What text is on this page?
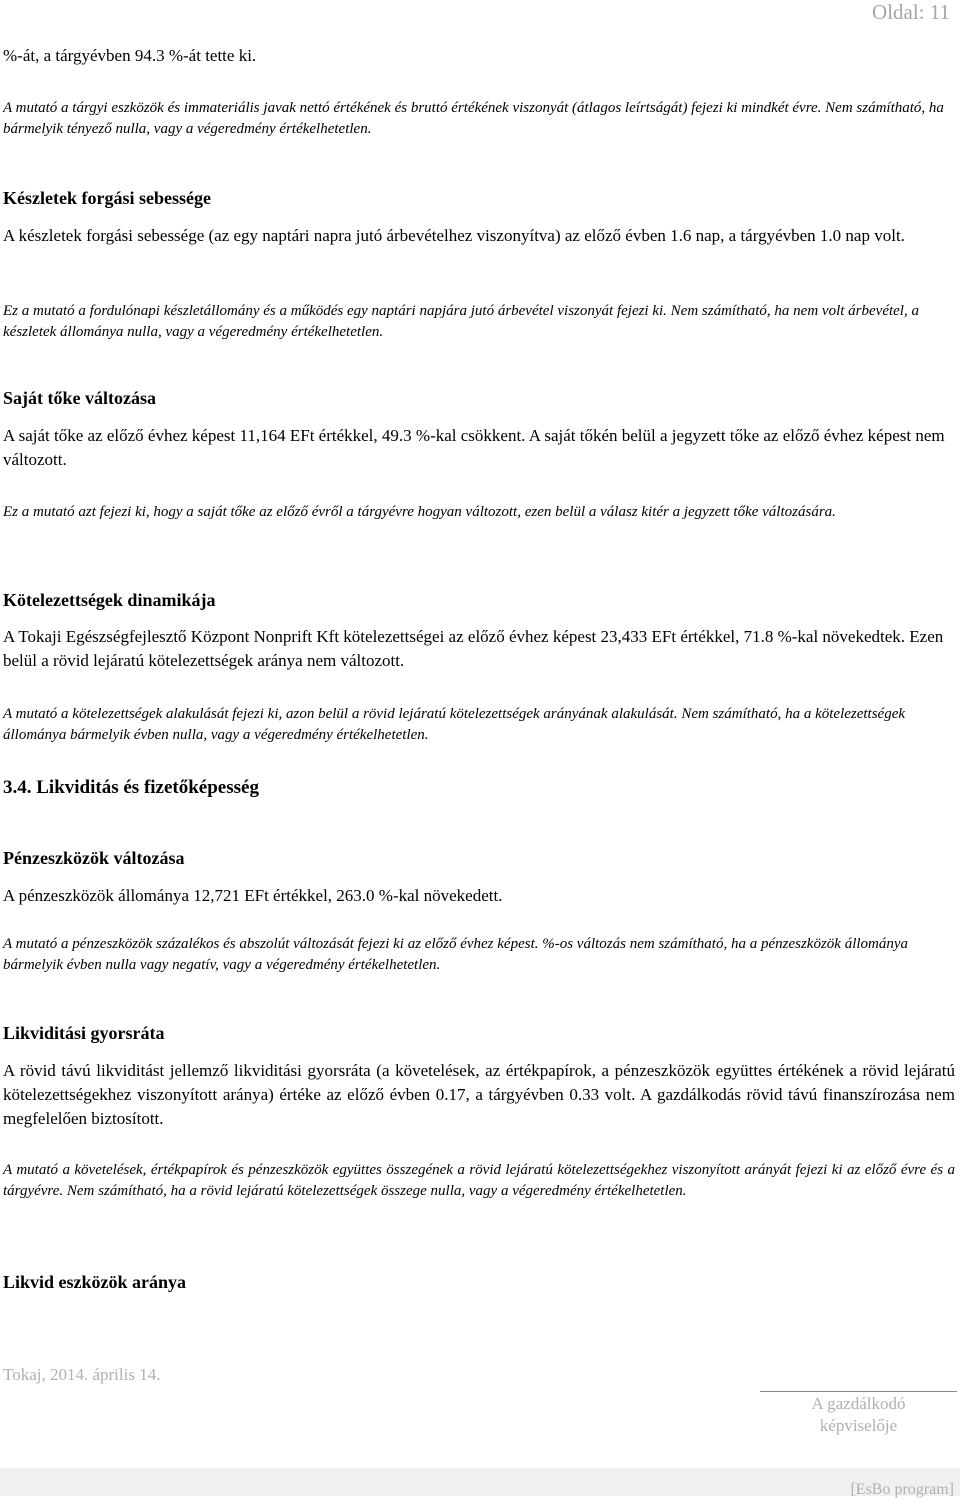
Oldal: 11
%-át, a tárgyévben 94.3 %-át tette ki.
A mutató a tárgyi eszközök és immateriális javak nettó értékének és bruttó értékének viszonyát (átlagos leírtságát) fejezi ki mindkét évre. Nem számítható, ha bármelyik tényező nulla, vagy a végeredmény értékelhetetlen.
Készletek forgási sebessége
A készletek forgási sebessége (az egy naptári napra jutó árbevételhez viszonyítva) az előző évben 1.6 nap, a tárgyévben 1.0 nap volt.
Ez a mutató a fordulónapi készletállomány és a működés egy naptári napjára jutó árbevétel viszonyát fejezi ki. Nem számítható, ha nem volt árbevétel, a készletek állománya nulla, vagy a végeredmény értékelhetetlen.
Saját tőke változása
A saját tőke az előző évhez képest 11,164 EFt értékkel, 49.3 %-kal csökkent. A saját tőkén belül a jegyzett tőke az előző évhez képest nem változott.
Ez a mutató azt fejezi ki, hogy a saját tőke az előző évről a tárgyévre hogyan változott, ezen belül a válasz kitér a jegyzett tőke változására.
Kötelezettségek dinamikája
A Tokaji Egészségfejlesztő Központ Nonprift Kft kötelezettségei az előző évhez képest 23,433 EFt értékkel, 71.8 %-kal növekedtek. Ezen belül a rövid lejáratú kötelezettségek aránya nem változott.
A mutató a kötelezettségek alakulását fejezi ki, azon belül a rövid lejáratú kötelezettségek arányának alakulását. Nem számítható, ha a kötelezettségek állománya bármelyik évben nulla, vagy a végeredmény értékelhetetlen.
3.4. Likviditás és fizetőképesség
Pénzeszközök változása
A pénzeszközök állománya 12,721 EFt értékkel, 263.0 %-kal növekedett.
A mutató a pénzeszközök százalékos és abszolút változását fejezi ki az előző évhez képest. %-os változás nem számítható, ha a pénzeszközök állománya bármelyik évben nulla vagy negatív, vagy a végeredmény értékelhetetlen.
Likviditási gyorsráta
A rövid távú likviditást jellemző likviditási gyorsráta (a követelések, az értékpapírok, a pénzeszközök együttes értékének a rövid lejáratú kötelezettségekhez viszonyított aránya) értéke az előző évben 0.17, a tárgyévben 0.33 volt. A gazdálkodás rövid távú finanszírozása nem megfelelően biztosított.
A mutató a követelések, értékpapírok és pénzeszközök együttes összegének a rövid lejáratú kötelezettségekhez viszonyított arányát fejezi ki az előző évre és a tárgyévre. Nem számítható, ha a rövid lejáratú kötelezettségek összege nulla, vagy a végeredmény értékelhetetlen.
Likvid eszközök aránya
Tokaj, 2014. április 14.
A gazdálkodó
képviselője
[EsBo program]
